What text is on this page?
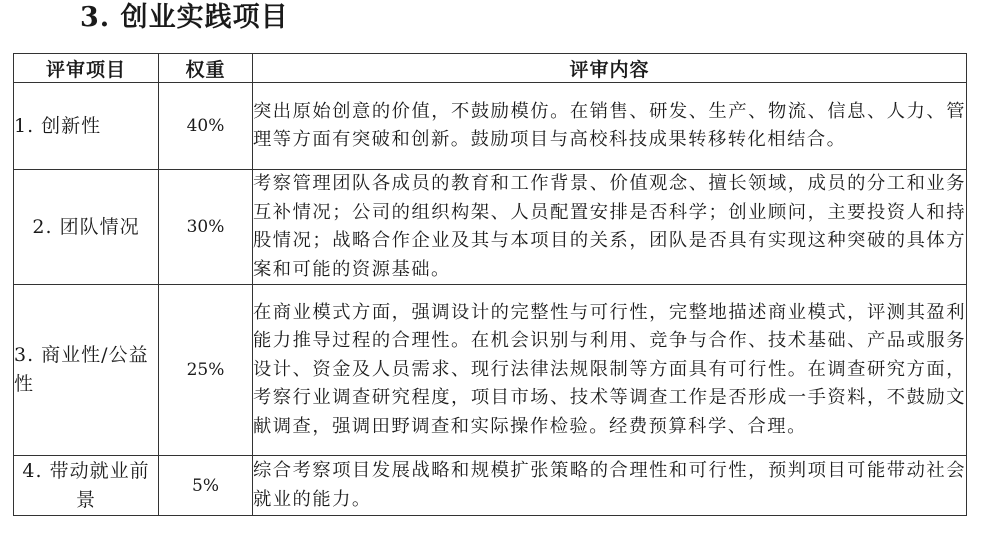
3. 创业实践项目
评审项目	权重	评审内容
1. 创新性	40%	突出原始创意的价值，不鼓励模仿。在销售、研发、生产、物流、信息、人力、管理等方面有突破和创新。鼓励项目与高校科技成果转移转化相结合。
2. 团队情况	30%	考察管理团队各成员的教育和工作背景、价值观念、擅长领域，成员的分工和业务互补情况；公司的组织构架、人员配置安排是否科学；创业顾问，主要投资人和持股情况；战略合作企业及其与本项目的关系，团队是否具有实现这种突破的具体方案和可能的资源基础。
3. 商业性/公益性	25%	在商业模式方面，强调设计的完整性与可行性，完整地描述商业模式，评测其盈利能力推导过程的合理性。在机会识别与利用、竞争与合作、技术基础、产品或服务设计、资金及人员需求、现行法律法规限制等方面具有可行性。在调查研究方面，考察行业调查研究程度，项目市场、技术等调查工作是否形成一手资料，不鼓励文献调查，强调田野调查和实际操作检验。经费预算科学、合理。
4. 带动就业前景	5%	综合考察项目发展战略和规模扩张策略的合理性和可行性，预判项目可能带动社会就业的能力。
